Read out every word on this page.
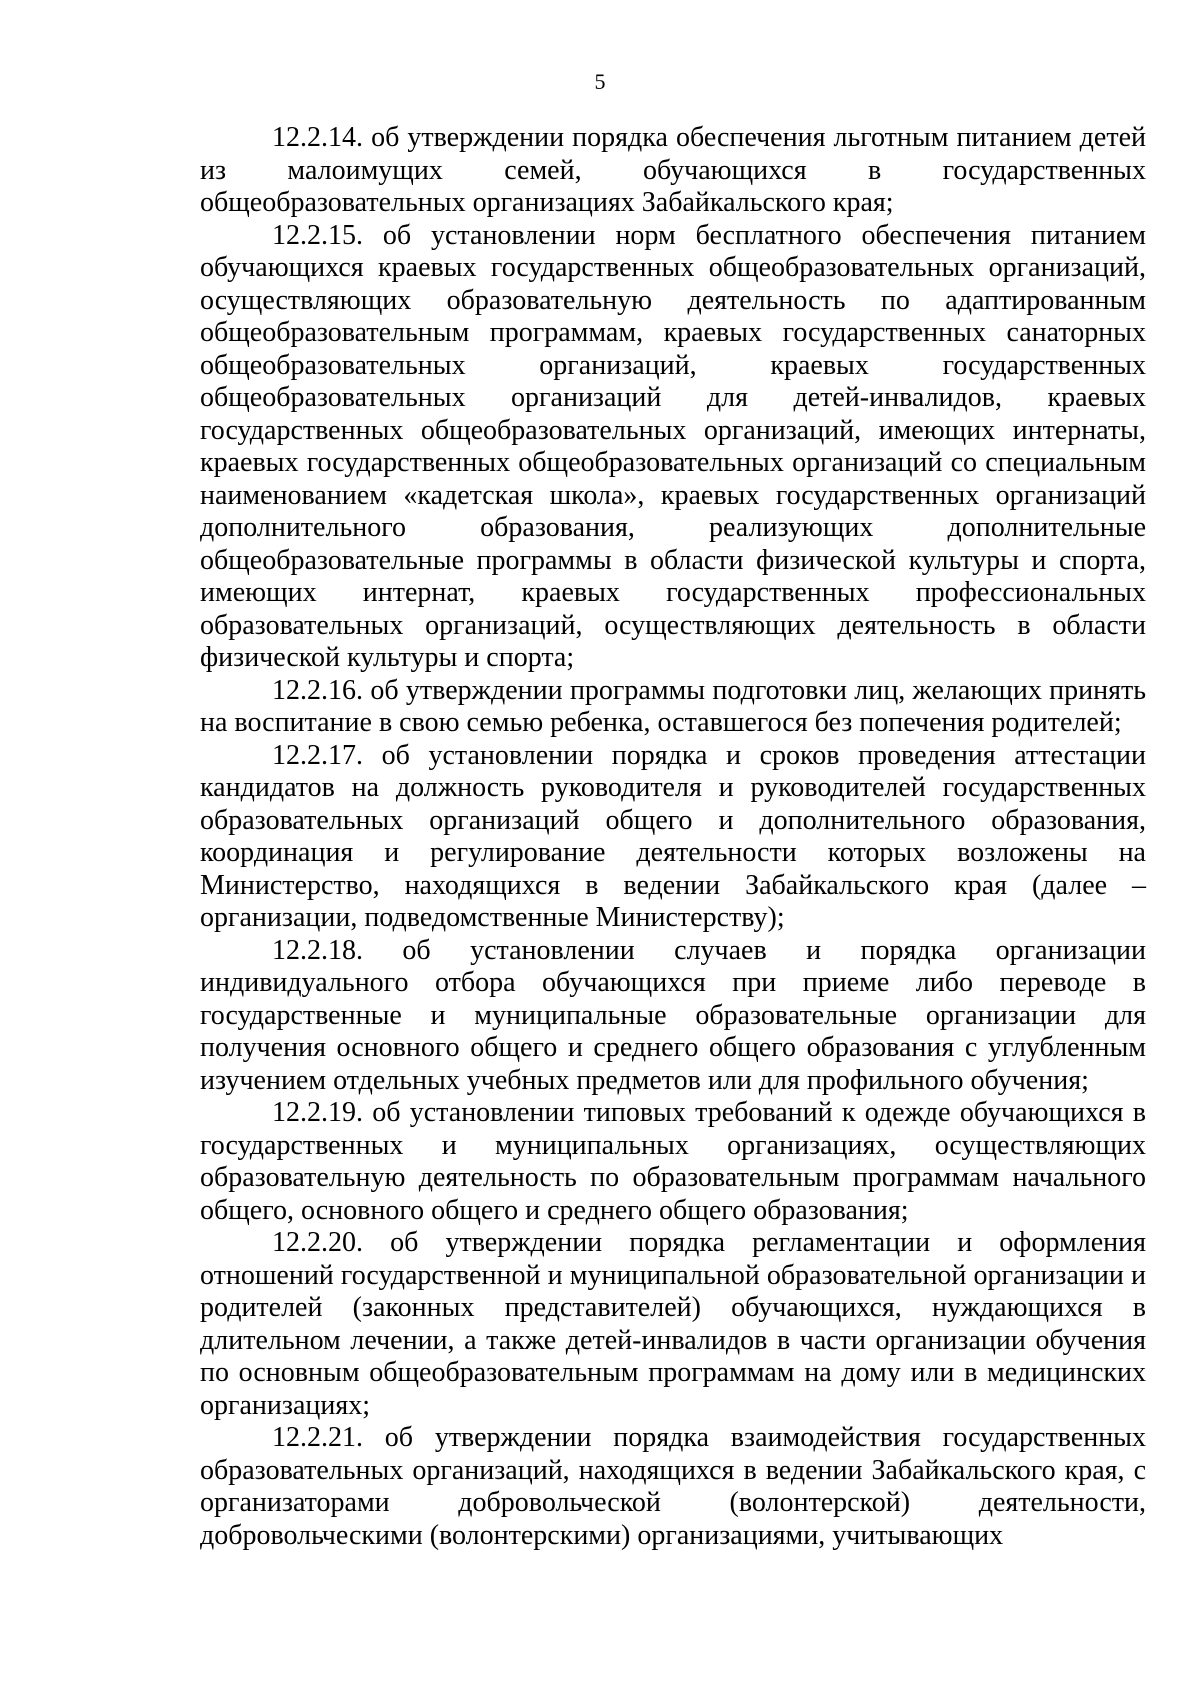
5

12.2.14. об утверждении порядка обеспечения льготным питанием детей из малоимущих семей, обучающихся в государственных общеобразовательных организациях Забайкальского края;

12.2.15. об установлении норм бесплатного обеспечения питанием обучающихся краевых государственных общеобразовательных организаций, осуществляющих образовательную деятельность по адаптированным общеобразовательным программам, краевых государственных санаторных общеобразовательных организаций, краевых государственных общеобразовательных организаций для детей-инвалидов, краевых государственных общеобразовательных организаций, имеющих интернаты, краевых государственных общеобразовательных организаций со специальным наименованием «кадетская школа», краевых государственных организаций дополнительного образования, реализующих дополнительные общеобразовательные программы в области физической культуры и спорта, имеющих интернат, краевых государственных профессиональных образовательных организаций, осуществляющих деятельность в области физической культуры и спорта;

12.2.16. об утверждении программы подготовки лиц, желающих принять на воспитание в свою семью ребенка, оставшегося без попечения родителей;

12.2.17. об установлении порядка и сроков проведения аттестации кандидатов на должность руководителя и руководителей государственных образовательных организаций общего и дополнительного образования, координация и регулирование деятельности которых возложены на Министерство, находящихся в ведении Забайкальского края (далее – организации, подведомственные Министерству);

12.2.18. об установлении случаев и порядка организации индивидуального отбора обучающихся при приеме либо переводе в государственные и муниципальные образовательные организации для получения основного общего и среднего общего образования с углубленным изучением отдельных учебных предметов или для профильного обучения;

12.2.19. об установлении типовых требований к одежде обучающихся в государственных и муниципальных организациях, осуществляющих образовательную деятельность по образовательным программам начального общего, основного общего и среднего общего образования;

12.2.20. об утверждении порядка регламентации и оформления отношений государственной и муниципальной образовательной организации и родителей (законных представителей) обучающихся, нуждающихся в длительном лечении, а также детей-инвалидов в части организации обучения по основным общеобразовательным программам на дому или в медицинских организациях;

12.2.21. об утверждении порядка взаимодействия государственных образовательных организаций, находящихся в ведении Забайкальского края, с организаторами добровольческой (волонтерской) деятельности, добровольческими (волонтерскими) организациями, учитывающих
